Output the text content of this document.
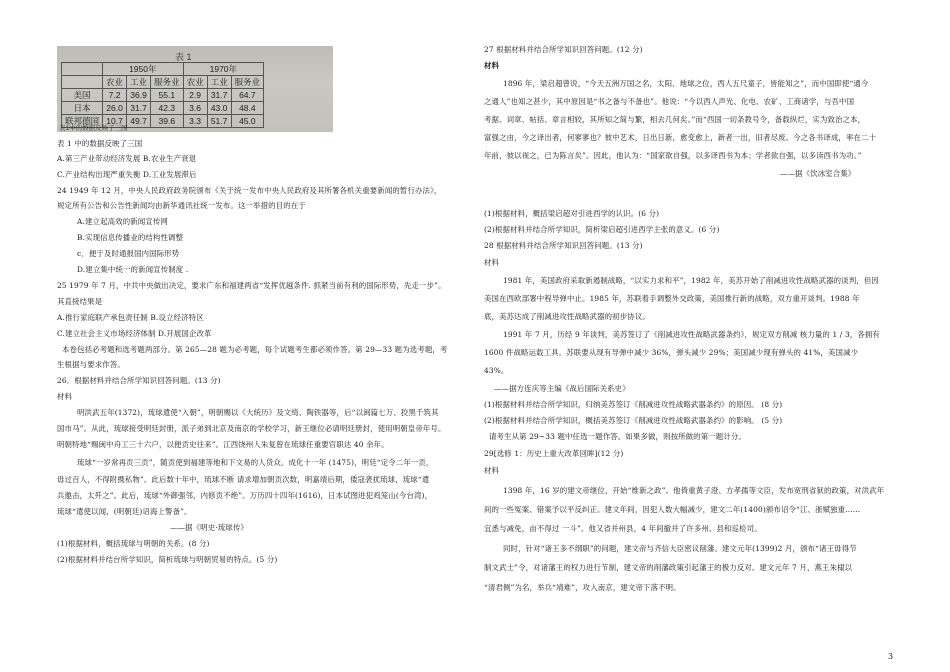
表 1
	1950年			1970年		
	农业	工业	服务业	农业	工业	服务业
美国	7.2	36.9	55.1	2.9	31.7	64.7
日本	26.0	31.7	42.3	3.6	43.0	48.4
联邦德国	10.7	49.7	39.6	3.3	51.7	45.0
表1中的数据反映了三国
表 1 中的数据反映了三国
A.第三产业带动经济发展 B.农业生产衰退
C.产业结构出现严重失衡 D.工业发展滞后
24 1949 年 12 月，中央人民政府政务院颁布《关于统一发布中央人民政府及其所署各机关重要新闻的暂行办法》，
规定所有公告和公告性新闻均由新华通讯社统一发布。这一举措的目的在于
A.建立起高效的新闻宣传网
B.实现信息传播业的结构性调整
c．便于及时通报国内国际形势
D.建立集中统一的新闻宣传制度 .
25 1979 年 7 月，中共中央做出决定，要求广东和福建两省“发挥优越条件. 抓紧当前有利的国际形势，先走一步”。
其直接结果是
A.推行家庭联产承包责任制 B.设立经济特区
C.建立社会主义市场经济体制 D.开展国企改革
本卷包括必考题和选考题两部分。第 265—28 题为必考题，每个试题考生都必须作答。第 29—33 题为选考题，考
生根据与要求作答。
26．根据材料并结合所学知识回答问题。(13 分)
材料
明洪武五年(1372)，琉球遣使“入朝”，明朝赐以《大统历》及文绮、陶铁器等，后“以闽篇七万、狡黑千筑其
国市马”。从此，琉球接受明廷封册，派子弟到北京及南京的学校学习，新王继位必请明廷册封，使用明朝皇帝年号。
明朝特地“赐闽中舟工三十六户，以便贡史往来”。江西饶州人朱复曾在琉球任重要官职达 40 余年。
琉球“一岁常再贡三贡”，随贡使到福建等地和下文易的人货众。成化十一年 (1475)，明廷“定令二年一贡，
毋过百人，不得附携私物”。此后数十年中，琉球不断 请求增加朝贡次数，明嘉靖后期，倭寇袭扰琉球，琉球“遣
兵邀击，太歼之”。此后，琉球“外御强邻，内修贡不绝”。万历四十四年(1616)，日本试图进犯鸡笼山(今台湾)，
琉球“遣使以闻，(明朝廷)诏海上警备”。
——据《明史·琉球传》
(1)根据材料，概括琉球与明朝的关系。(8 分)
(2)根据材料并结台所学知识，简析琉球与明朝贸易的特点。(5 分)
27 根据材料并结合所学知识回答问题。(12 分)
材料
1896 年，梁启超曾说，“今天五洲万国之名，太阳、地球之位，西人五尺童子，皆能知之”，而中国即使“通今
之通人”也知之甚少，其中原因是“书之备与不备也”。他说：“今以西人声光、化电、农矿、工商诸学，与吾中国
考据、词章、帖括、章言相较，其所知之简与繁，相去几何矣。”而“西国一切条教号令，备载纵烂，实为致治之本，
富强之由，今之译出者，何寥寥也？彼中艺术，日出日新，愈变愈上，新者一出，旧者尽废。今之各书译成，率在二十
年前，彼以视之，已为陈言矣”。因此，他认为：“国家欲自强，以多译西书为本；学者欲自强，以多读西书为功。”
——据《饮冰室合集》
(1)根据材料，概括梁启超对引进西学的认识。(6 分)
(2)根据材料并结合所学知识，简析梁启超引进西学主张的意义。(6 分)
28 根据材料并结合所学知识回答问题。(13 分)
材料
1981 年，美国政府采取新遏制战略，“以实力求和平”，1982 年，美苏开始了削减进攻性战略武器的谈判，但因
美国在西欧部署中程导弹中止。1985 年，苏联着手调整外交政策，美国推行新的战略，双方重开谈判。1988 年
底，美苏达成了削减进攻性战略武器的初步协议。
1991 年 7 月，历经 9 年谈判，美苏签订了《削减进攻性战略武器条约》，规定双方削减 核力量的 1 / 3，各拥有
1600 件战略运载工具。苏联要从现有导弹中减少 36%，弹头减少 29%；美国减少现有弹头的 41%，美国减少
43%。
——据方连庆等主编《战后国际关系史》
(1)根据材料并结合所学知识，归纳美苏签订《削减进攻性战略武器条约》的原因。 (8 分)
(2)根据材料并结合所学知识，概括美苏签订《削减进攻性战略武器条约》的影响。 (5 分)
请考生从第 29~33 题中任选一题作答。如果多做，则按所做的第一题计分。
29[选修 1：历史上重大改革回眸](12 分)
材料
1398 年，16 岁的建文帝继位，开始“维新之政”。他倚重黄子澄、方孝孺等文臣，发布宽刑省狱的政策，对洪武年
间的一些冤案、错案予以平反纠正。建文年间，因犯人数大幅减少，建文二年(1400)颁布诏令“江、浙赋独重……
宜悉与减免，亩不得过 一斗”。他又省并州县，4 年间撤并了许多州、县和巡检司。
同时，针对“诸王多不纲职”的问题，建文帝与齐信大臣密议削藩。建文元年(1399)2 月，颁布“诸王毋得节
制文武士”令，对诸藩王的权力进行节制，建文帝的削藩政策引起藩王的极力反对。建文元年 7 月，燕王朱棣以
“清君侧”为名，举兵“靖难”，攻入南京，建文帝下落不明。
3
